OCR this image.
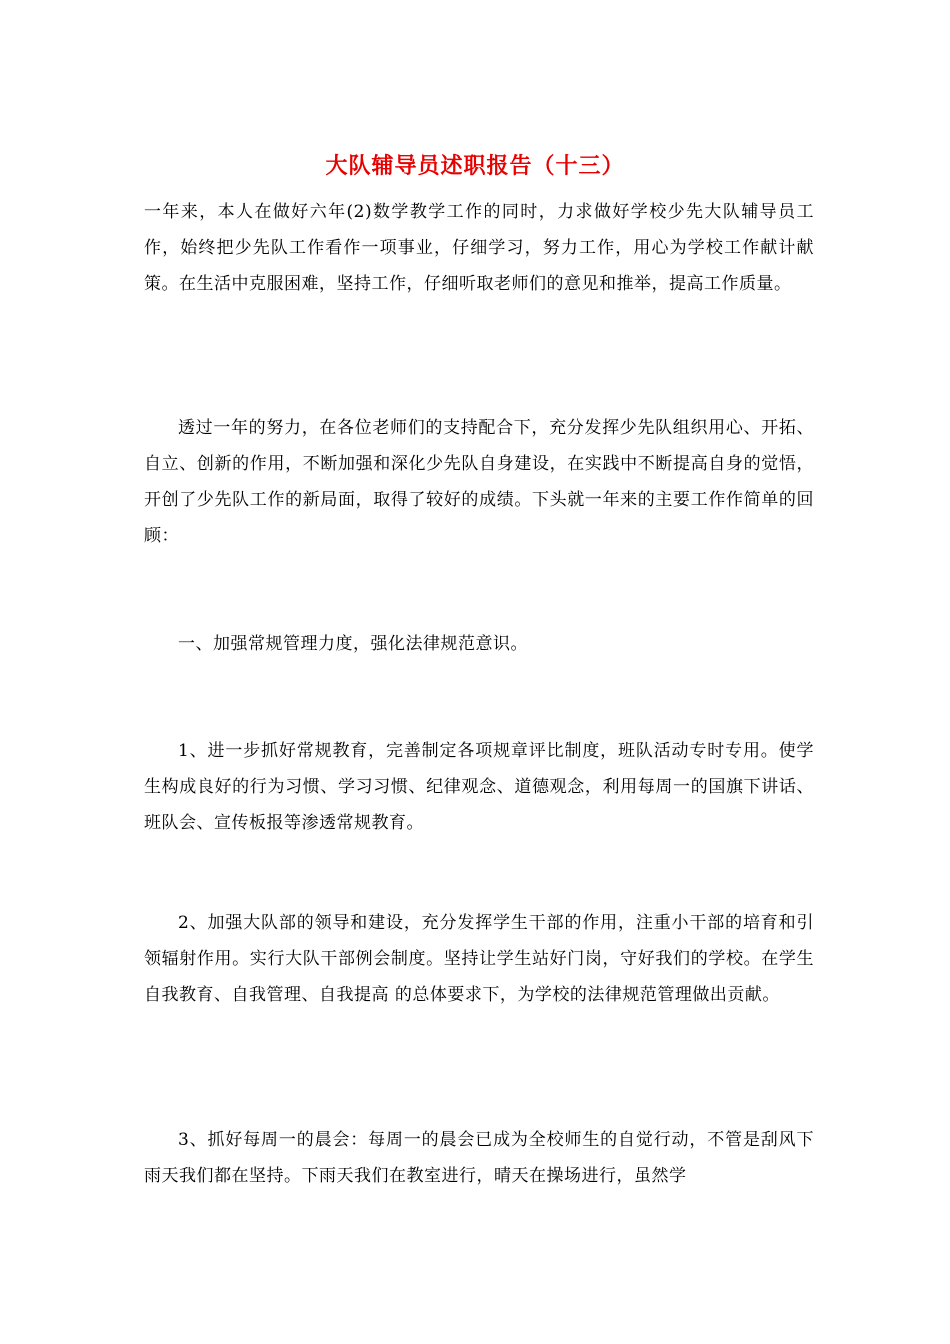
大队辅导员述职报告（十三）

一年来，本人在做好六年(2)数学教学工作的同时，力求做好学校少先大队辅导员工作，始终把少先队工作看作一项事业，仔细学习，努力工作，用心为学校工作献计献策。在生活中克服困难，坚持工作，仔细听取老师们的意见和推举，提高工作质量。

透过一年的努力，在各位老师们的支持配合下，充分发挥少先队组织用心、开拓、自立、创新的作用，不断加强和深化少先队自身建设，在实践中不断提高自身的觉悟，开创了少先队工作的新局面，取得了较好的成绩。下头就一年来的主要工作作简单的回顾：

一、加强常规管理力度，强化法律规范意识。

1、进一步抓好常规教育，完善制定各项规章评比制度，班队活动专时专用。使学生构成良好的行为习惯、学习习惯、纪律观念、道德观念，利用每周一的国旗下讲话、班队会、宣传板报等渗透常规教育。

2、加强大队部的领导和建设，充分发挥学生干部的作用，注重小干部的培育和引领辐射作用。实行大队干部例会制度。坚持让学生站好门岗，守好我们的学校。在学生 自我教育、自我管理、自我提高 的总体要求下，为学校的法律规范管理做出贡献。

3、抓好每周一的晨会：每周一的晨会已成为全校师生的自觉行动，不管是刮风下雨天我们都在坚持。下雨天我们在教室进行，晴天在操场进行，虽然学
